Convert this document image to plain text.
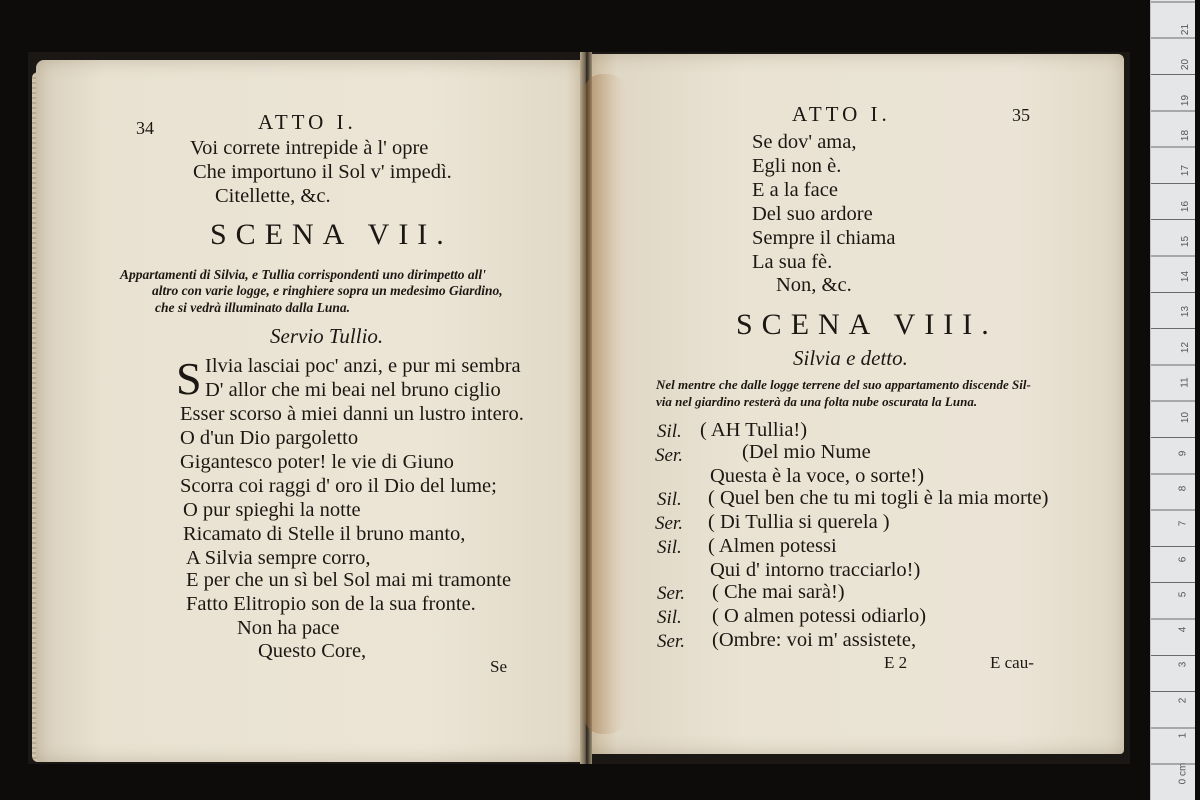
34	ATTO I.
Voi correte intrepide à l' opre
Che importuno il Sol v' impedì.
Citellette, &c.
SCENA VII.
Appartamenti di Silvia, e Tullia corrispondenti uno dirimpetto all'
altro con varie logge, e ringhiere sopra un medesimo Giardino,
che si vedrà illuminato dalla Luna.
Servio Tullio.
S Ilvia lasciai poc' anzi, e pur mi sembra
D' allor che mi beai nel bruno ciglio
Esser scorso à miei danni un lustro intero.
O d'un Dio pargoletto
Gigantesco poter! le vie di Giuno
Scorra coi raggi d' oro il Dio del lume;
O pur spieghi la notte
Ricamato di Stelle il bruno manto,
A Silvia sempre corro,
E per che un sì bel Sol mai mi tramonte
Fatto Elitropio son de la sua fronte.
Non ha pace
Questo Core,
Se
ATTO I.	35
Se dov' ama,
Egli non è.
E a la face
Del suo ardore
Sempre il chiama
La sua fè.
Non, &c.
SCENA VIII.
Silvia e detto.
Nel mentre che dalle logge terrene del suo appartamento discende Sil-
via nel giardino resterà da una folta nube oscurata la Luna.
Sil. ( AH Tullia!)
Ser.	(Del mio Nume
Questa è la voce, o sorte!)
Sil. ( Quel ben che tu mi togli è la mia morte)
Ser. ( Di Tullia si querela )
Sil. ( Almen potessi
Qui d' intorno tracciarlo!)
Ser. ( Che mai sarà!)
Sil. ( O almen potessi odiarlo)
Ser. (Ombre: voi m' assistete,
E 2	E cau-
21
20
19
18
17
16
15
14
13
12
11
10
9
8
7
6
5
4
3
2
1
0 cm
